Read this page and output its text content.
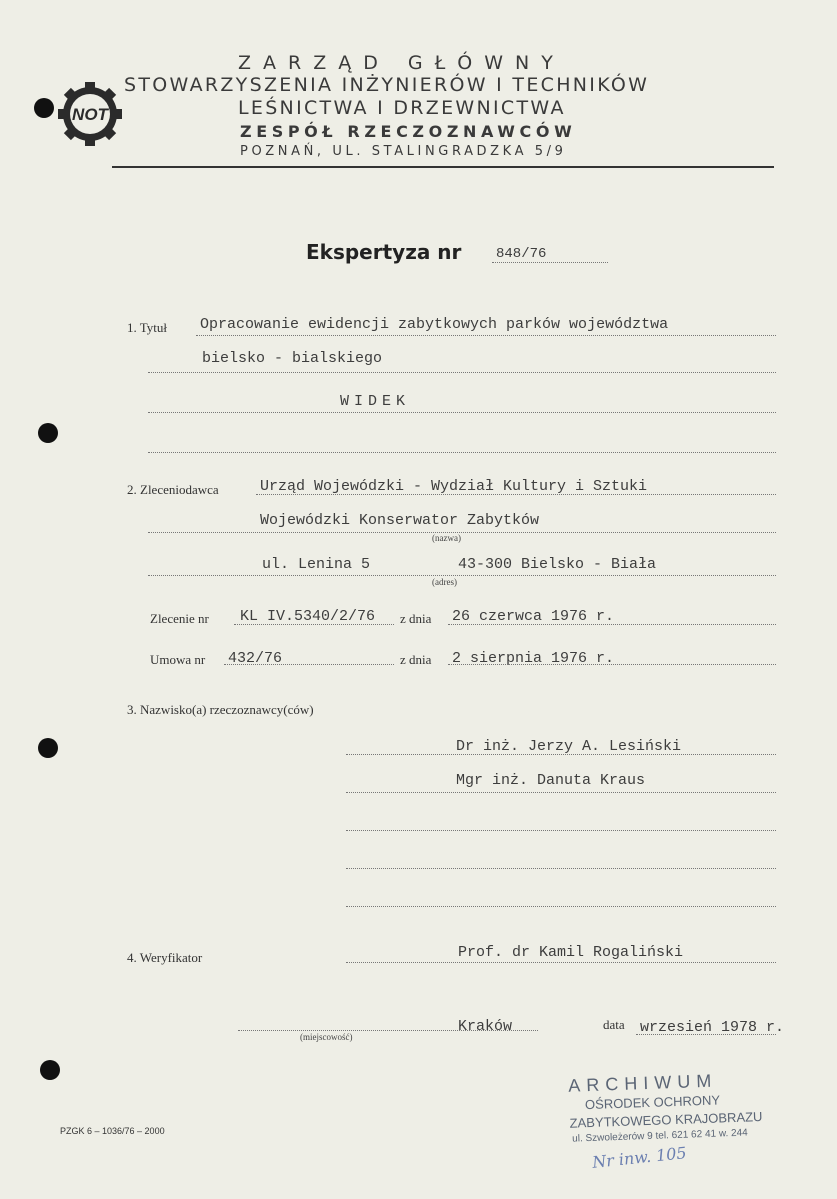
NOT
ZARZĄD GŁÓWNY
STOWARZYSZENIA INŻYNIERÓW I TECHNIKÓW
LEŚNICTWA I DRZEWNICTWA
ZESPÓŁ RZECZOZNAWCÓW
POZNAŃ, UL. STALINGRADZKA 5/9
Ekspertyza nr 848/76
1. Tytuł Opracowanie ewidencji zabytkowych parków województwa
bielsko - bialskiego
WIDEK
2. Zleceniodawca	Urząd Wojewódzki - Wydział Kultury i Sztuki
Wojewódzki Konserwator Zabytków
(nazwa)
ul. Lenina 5	43-300 Bielsko - Biała
(adres)
Zlecenie nr KL IV.5340/2/76 z dnia 26 czerwca 1976 r.
Umowa nr 432/76	z dnia 2 sierpnia 1976 r.
3. Nazwisko(a) rzeczoznawcy(ców)
Dr inż. Jerzy A. Lesiński
Mgr inż. Danuta Kraus
4. Weryfikator	Prof. dr Kamil Rogaliński
(miejscowość)
Kraków	data wrzesień 1978 r.
PZGK 6 – 1036/76 – 2000
ARCHIWUM
OŚRODEK OCHRONY
ZABYTKOWEGO KRAJOBRAZU
ul. Szwoleżerów 9 tel. 621 62 41 w. 244
Nr inw. 105
